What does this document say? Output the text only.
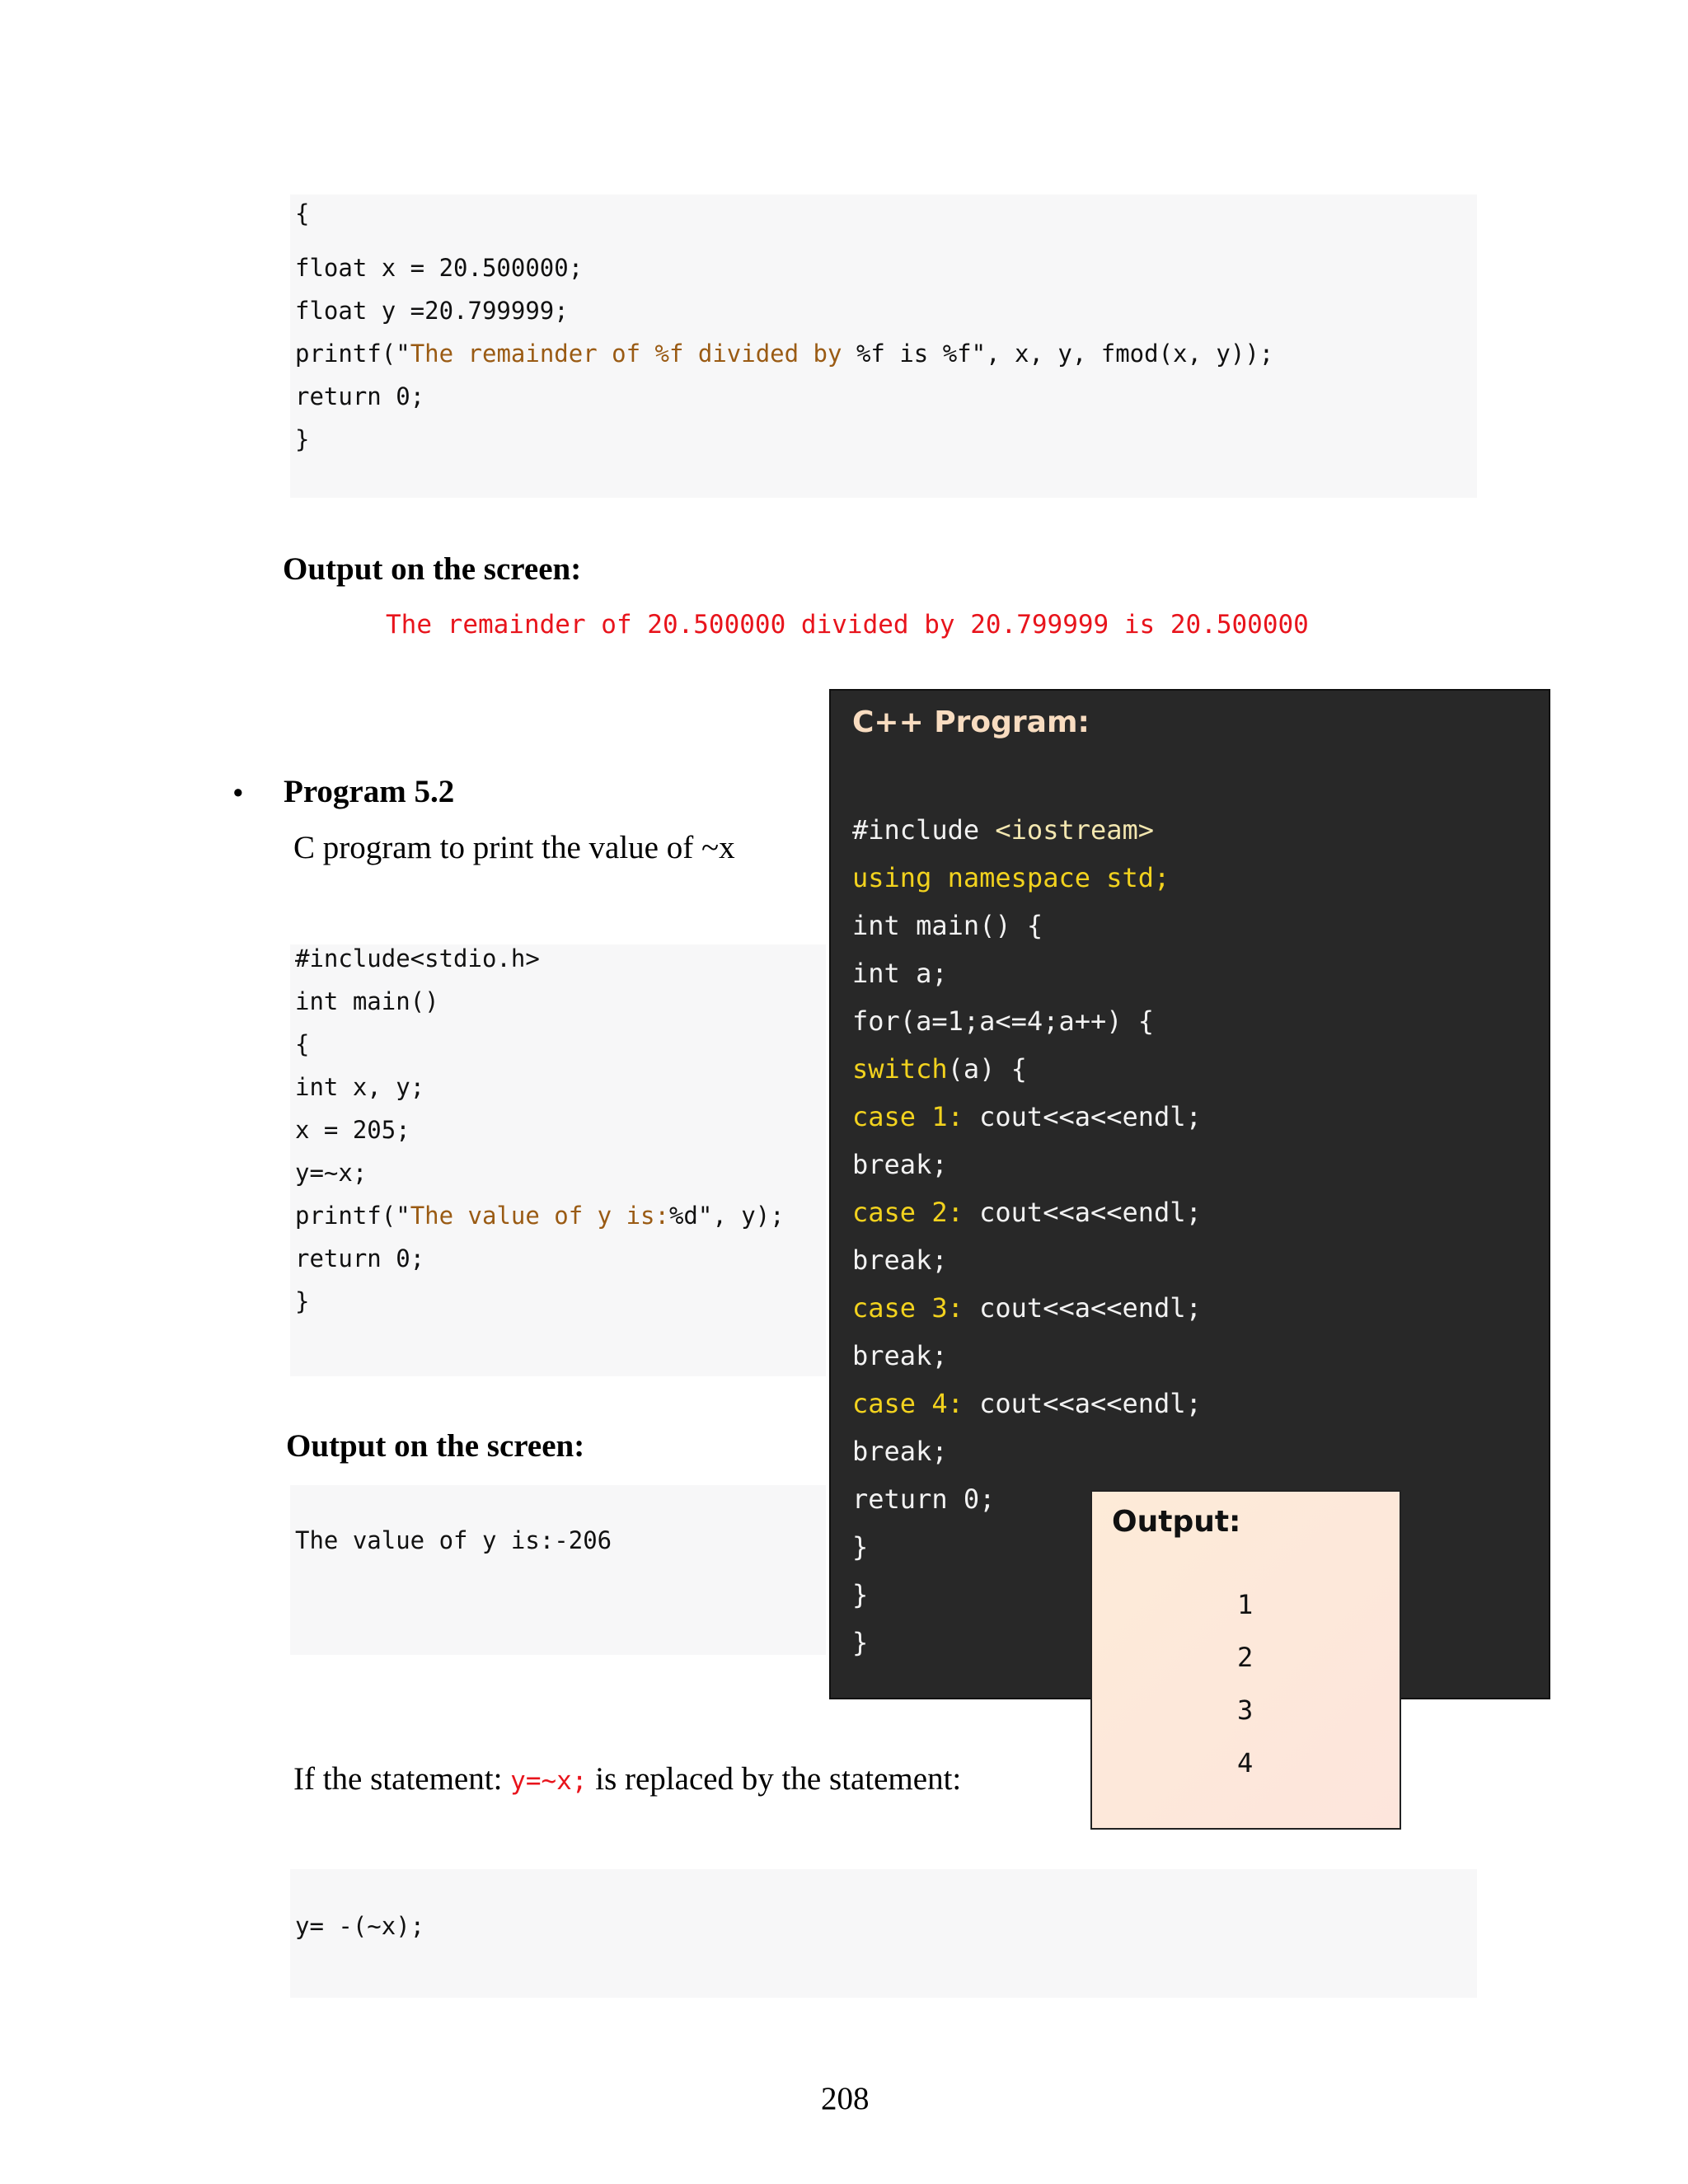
{
float x = 20.500000;
float y =20.799999;
printf("The remainder of %f divided by %f is %f", x, y, fmod(x, y));
return 0;
}
Output on the screen:
The remainder of 20.500000 divided by 20.799999 is 20.500000
• Program 5.2
C program to print the value of ~x
#include<stdio.h>
int main()
{
int x, y;
x = 205;
y=~x;
printf("The value of y is:%d", y);
return 0;
}
Output on the screen:
The value of y is:-206
If the statement: y=~x; is replaced by the statement:
y= -(~x);
C++ Program:
#include <iostream>
using namespace std;
int main() {
int a;
for(a=1;a<=4;a++) {
switch(a) {
case 1: cout<<a<<endl;
break;
case 2: cout<<a<<endl;
break;
case 3: cout<<a<<endl;
break;
case 4: cout<<a<<endl;
break;
return 0;
}
}
}
Output:
1
2
3
4
208
